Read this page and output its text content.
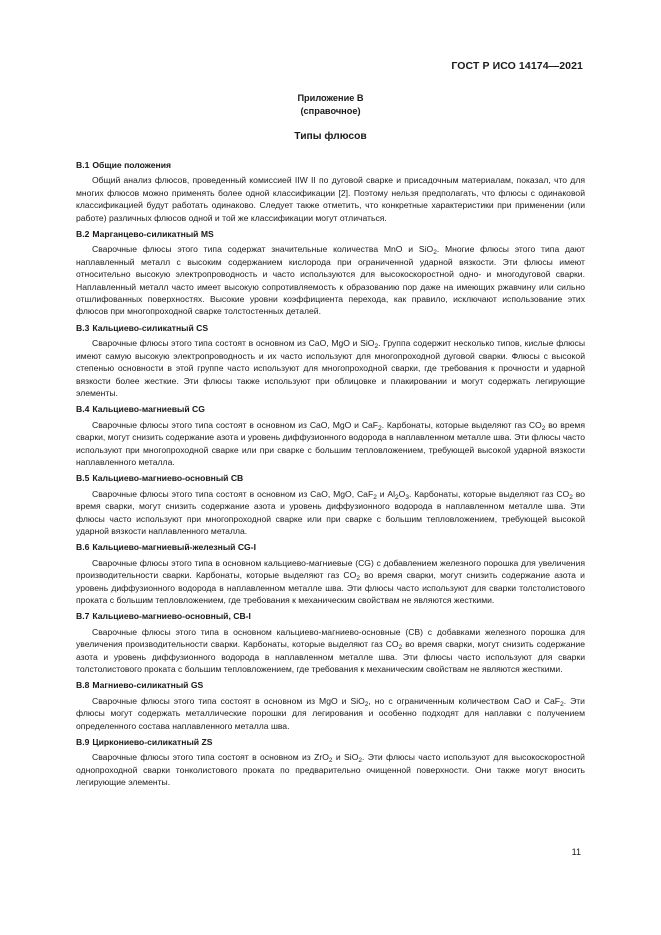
ГОСТ Р ИСО 14174—2021
Приложение B
(справочное)
Типы флюсов
B.1 Общие положения

Общий анализ флюсов, проведенный комиссией IIW II по дуговой сварке и присадочным материалам, показал, что для многих флюсов можно применять более одной классификации [2]. Поэтому нельзя предполагать, что флюсы с одинаковой классификацией будут работать одинаково. Следует также отметить, что конкретные характеристики при применении (или работе) различных флюсов одной и той же классификации могут отличаться.

B.2 Марганцево-силикатный MS

Сварочные флюсы этого типа содержат значительные количества MnO и SiO$_2$. Многие флюсы этого типа дают наплавленный металл с высоким содержанием кислорода при ограниченной ударной вязкости. Эти флюсы имеют относительно высокую электропроводность и часто используются для высокоскоростной одно- и многодуговой сварки. Наплавленный металл часто имеет высокую сопротивляемость к образованию пор даже на имеющих ржавчину или сильно отшлифованных поверхностях. Высокие уровни коэффициента перехода, как правило, исключают использование этих флюсов при многопроходной сварке толстостенных деталей.

B.3 Кальциево-силикатный CS

Сварочные флюсы этого типа состоят в основном из CaO, MgO и SiO$_2$. Группа содержит несколько типов, кислые флюсы имеют самую высокую электропроводность и их часто используют для многопроходной дуговой сварки. Флюсы с высокой степенью основности в этой группе часто используют для многопроходной сварки, где требования к прочности и ударной вязкости более жесткие. Эти флюсы также используют при облицовке и плакировании и могут содержать легирующие элементы.

B.4 Кальциево-магниевый CG

Сварочные флюсы этого типа состоят в основном из CaO, MgO и CaF$_2$. Карбонаты, которые выделяют газ $CO_2$ во время сварки, могут снизить содержание азота и уровень диффузионного водорода в наплавленном металле шва. Эти флюсы часто используют при многопроходной сварке или при сварке с большим тепловложением, требующей высокой ударной вязкости наплавленного металла.

B.5 Кальциево-магниево-основный CB

Сварочные флюсы этого типа состоят в основном из CaO, MgO, CaF$_2$ и $Al_2O_3$. Карбонаты, которые выделяют газ $CO_2$ во время сварки, могут снизить содержание азота и уровень диффузионного водорода в наплавленном металле шва. Эти флюсы часто используют при многопроходной сварке или при сварке с большим тепловложением, требующей высокой ударной вязкости наплавленного металла.

B.6 Кальциево-магниевый-железный CG-I

Сварочные флюсы этого типа в основном кальциево-магниевые (CG) с добавлением железного порошка для увеличения производительности сварки. Карбонаты, которые выделяют газ $CO_2$ во время сварки, могут снизить содержание азота и уровень диффузионного водорода в наплавленном металле шва. Эти флюсы часто используют для сварки толстолистового проката с большим тепловложением, где требования к механическим свойствам не являются жесткими.

B.7 Кальциево-магниево-основный, CB-I

Сварочные флюсы этого типа в основном кальциево-магниево-основные (CB) с добавками железного порошка для увеличения производительности сварки. Карбонаты, которые выделяют газ $CO_2$ во время сварки, могут снизить содержание азота и уровень диффузионного водорода в наплавленном металле шва. Эти флюсы часто используют для сварки толстолистового проката с большим тепловложением, где требования к механическим свойствам не являются жесткими.

B.8 Магниево-силикатный GS

Сварочные флюсы этого типа состоят в основном из MgO и SiO$_2$, но с ограниченным количеством CaO и CaF$_2$. Эти флюсы могут содержать металлические порошки для легирования и особенно подходят для наплавки с получением определенного состава наплавленного металла шва.

B.9 Циркониево-силикатный ZS

Сварочные флюсы этого типа состоят в основном из ZrO$_2$ и SiO$_2$. Эти флюсы часто используют для высокоскоростной однопроходной сварки тонколистового проката по предварительно очищенной поверхности. Они также могут вносить легирующие элементы.

11
